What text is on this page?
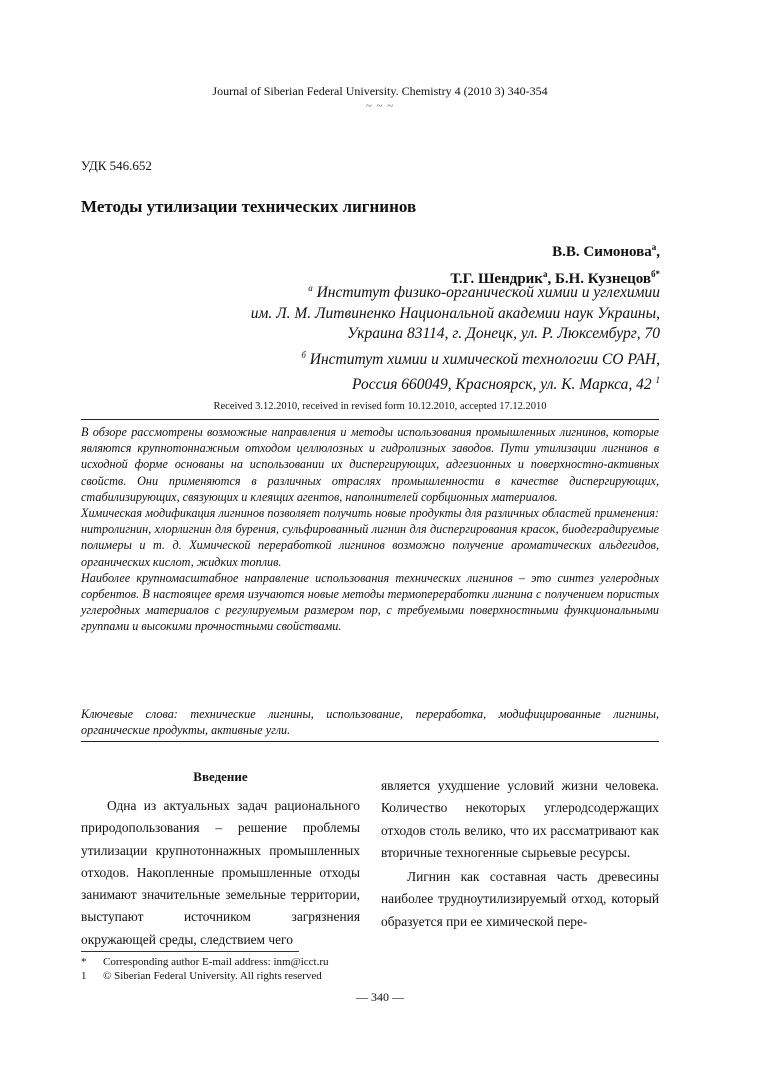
Journal of Siberian Federal University. Chemistry 4 (2010 3) 340-354
~ ~ ~
УДК 546.652
Методы утилизации технических лигнинов
В.В. Симонова$^а$,
Т.Г. Шендрик$^а$, Б.Н. Кузнецов$^{б*}$
$^а$ Институт физико-органической химии и углехимии
им. Л. М. Литвиненко Национальной академии наук Украины,
Украина 83114, г. Донецк, ул. Р. Люксембург, 70
$^б$ Институт химии и химической технологии СО РАН,
Россия 660049, Красноярск, ул. К. Маркса, 42 $^1$
Received 3.12.2010, received in revised form 10.12.2010, accepted 17.12.2010

В обзоре рассмотрены возможные направления и методы использования промышленных лигнинов, которые являются крупнотоннажным отходом целлюлозных и гидролизных заводов. Пути утилизации лигнинов в исходной форме основаны на использовании их диспергирующих, адгезионных и поверхностно-активных свойств. Они применяются в различных отраслях промышленности в качестве диспергирующих, стабилизирующих, связующих и клеящих агентов, наполнителей сорбционных материалов.

Химическая модификация лигнинов позволяет получить новые продукты для различных областей применения: нитролигнин, хлорлигнин для бурения, сульфированный лигнин для диспергирования красок, биодеградируемые полимеры и т. д. Химической переработкой лигнинов возможно получение ароматических альдегидов, органических кислот, жидких топлив.

Наиболее крупномасштабное направление использования технических лигнинов – это синтез углеродных сорбентов. В настоящее время изучаются новые методы термопереработки лигнина с получением пористых углеродных материалов с регулируемым размером пор, с требуемыми поверхностными функциональными группами и высокими прочностными свойствами.

Ключевые слова: технические лигнины, использование, переработка, модифицированные лигнины, органические продукты, активные угли.
Введение

Одна из актуальных задач рационального природопользования – решение проблемы утилизации крупнотоннажных промышленных отходов. Накопленные промышленные отходы занимают значительные земельные территории, выступают источником загрязнения окружающей среды, следствием чего

является ухудшение условий жизни человека. Количество некоторых углеродсодержащих отходов столь велико, что их рассматривают как вторичные техногенные сырьевые ресурсы.

Лигнин как составная часть древесины наиболее трудноутилизируемый отход, который образуется при ее химической пере-

* Corresponding author E-mail address: inm@icct.ru
1 © Siberian Federal University. All rights reserved
— 340 —
